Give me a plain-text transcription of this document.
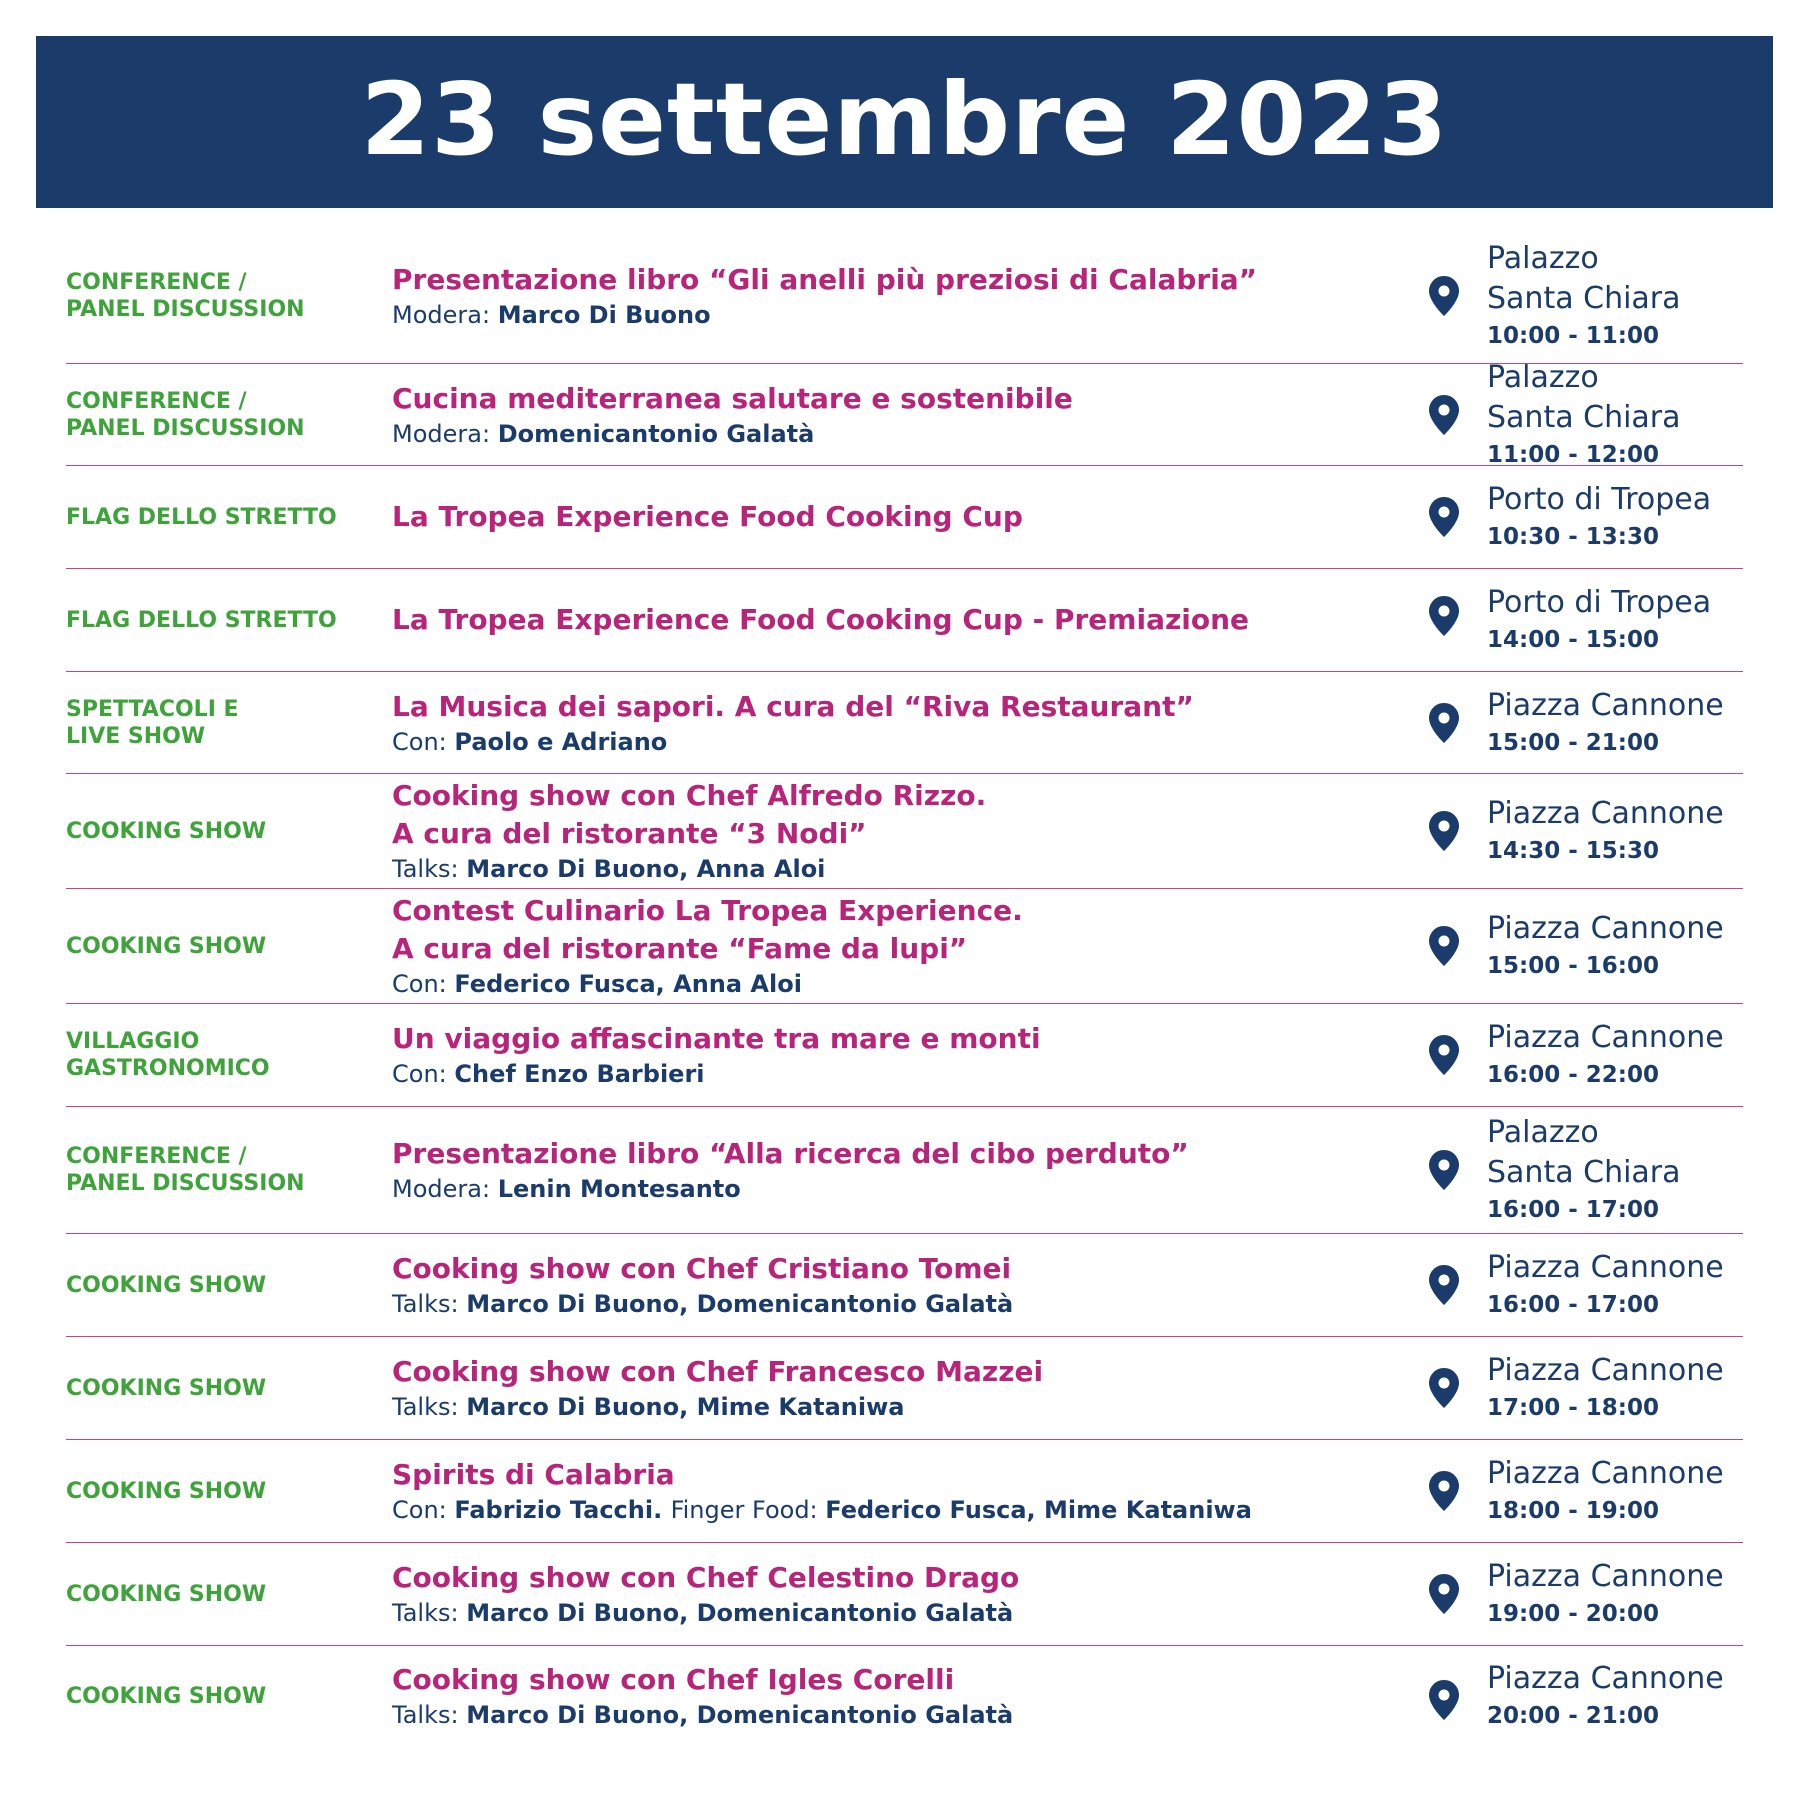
23 settembre 2023
CONFERENCE /
PANEL DISCUSSION
Presentazione libro “Gli anelli più preziosi di Calabria”
Modera: Marco Di Buono
Palazzo
Santa Chiara
10:00 - 11:00
CONFERENCE /
PANEL DISCUSSION
Cucina mediterranea salutare e sostenibile
Modera: Domenicantonio Galatà
Palazzo
Santa Chiara
11:00 - 12:00
FLAG DELLO STRETTO	La Tropea Experience Food Cooking Cup	Porto di Tropea
10:30 - 13:30
FLAG DELLO STRETTO	La Tropea Experience Food Cooking Cup - Premiazione	Porto di Tropea
14:00 - 15:00
SPETTACOLI E
LIVE SHOW
La Musica dei sapori. A cura del “Riva Restaurant”
Con: Paolo e Adriano
Piazza Cannone
15:00 - 21:00
COOKING SHOW
Cooking show con Chef Alfredo Rizzo.
A cura del ristorante “3 Nodi”
Talks: Marco Di Buono, Anna Aloi
Piazza Cannone
14:30 - 15:30
COOKING SHOW
Contest Culinario La Tropea Experience.
A cura del ristorante “Fame da lupi”
Con: Federico Fusca, Anna Aloi
Piazza Cannone
15:00 - 16:00
VILLAGGIO
GASTRONOMICO
Un viaggio affascinante tra mare e monti
Con: Chef Enzo Barbieri
Piazza Cannone
16:00 - 22:00
CONFERENCE /
PANEL DISCUSSION
Presentazione libro “Alla ricerca del cibo perduto”
Modera: Lenin Montesanto
Palazzo
Santa Chiara
16:00 - 17:00
COOKING SHOW	Cooking show con Chef Cristiano Tomei
Talks: Marco Di Buono, Domenicantonio Galatà
Piazza Cannone
16:00 - 17:00
COOKING SHOW	Cooking show con Chef Francesco Mazzei
Talks: Marco Di Buono, Mime Kataniwa
Piazza Cannone
17:00 - 18:00
COOKING SHOW	Spirits di Calabria
Con: Fabrizio Tacchi. Finger Food: Federico Fusca, Mime Kataniwa
Piazza Cannone
18:00 - 19:00
COOKING SHOW	Cooking show con Chef Celestino Drago
Talks: Marco Di Buono, Domenicantonio Galatà
Piazza Cannone
19:00 - 20:00
COOKING SHOW	Cooking show con Chef Igles Corelli
Talks: Marco Di Buono, Domenicantonio Galatà
Piazza Cannone
20:00 - 21:00
